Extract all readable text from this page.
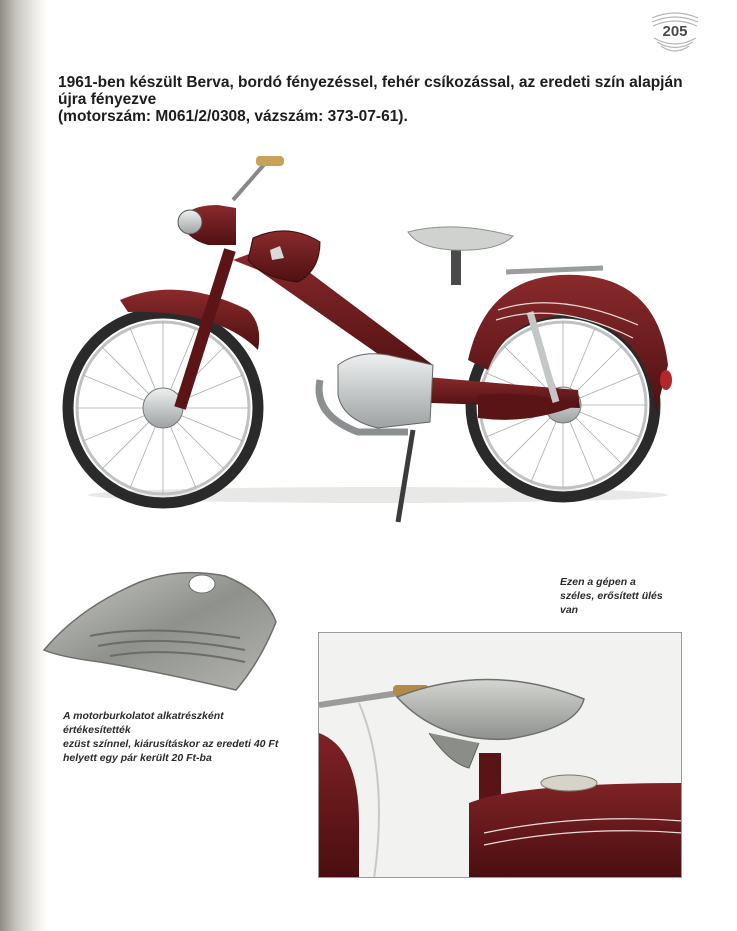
205
1961-ben készült Berva, bordó fényezéssel, fehér csíkozással, az eredeti szín alapján
újra fényezve
(motorszám: M061/2/0308, vázszám: 373-07-61).

A motorburkolatot alkatrészként értékesítették
ezüst színnel, kiárusításkor az eredeti 40 Ft
helyett egy pár került 20 Ft-ba

Ezen a gépen a
széles, erősített ülés
van
